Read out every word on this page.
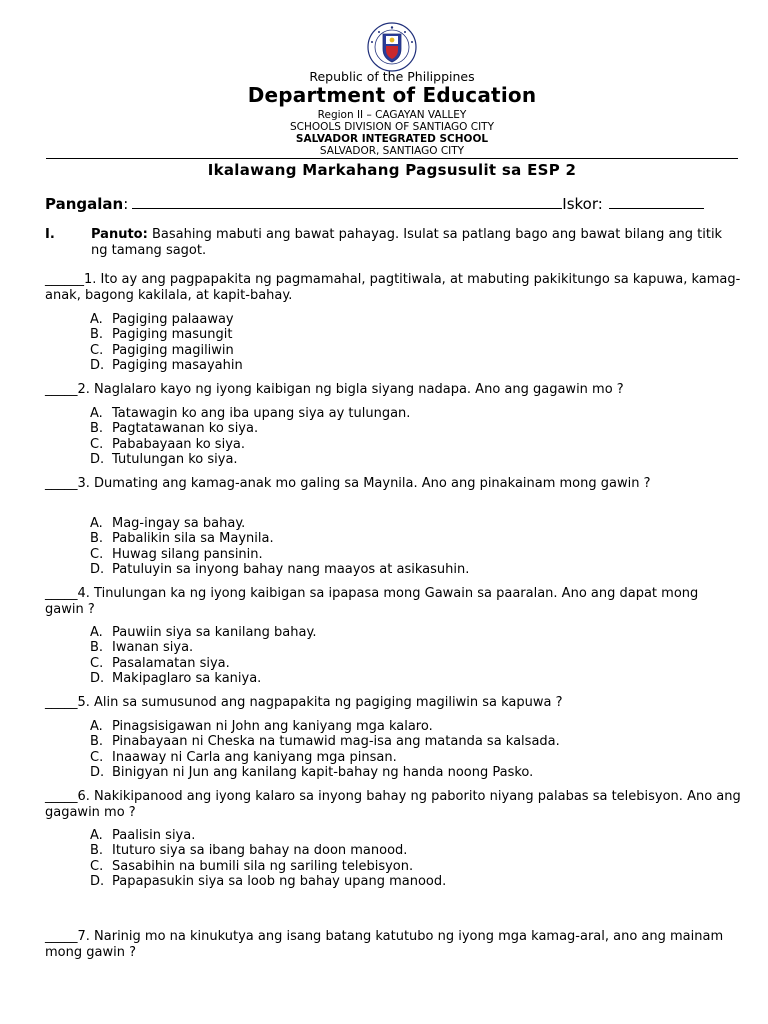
Republic of the Philippines
Department of Education
Region II – CAGAYAN VALLEY
SCHOOLS DIVISION OF SANTIAGO CITY
SALVADOR INTEGRATED SCHOOL
SALVADOR, SANTIAGO CITY
Ikalawang Markahang Pagsusulit sa ESP 2
Pangalan:	Iskor:
I.	Panuto: Basahing mabuti ang bawat pahayag. Isulat sa patlang bago ang bawat bilang ang titik ng tamang sagot.
______1. Ito ay ang pagpapakita ng pagmamahal, pagtitiwala, at mabuting pakikitungo sa kapuwa, kamag-anak, bagong kakilala, at kapit-bahay.
A. Pagiging palaaway
B. Pagiging masungit
C. Pagiging magiliwin
D. Pagiging masayahin
_____2. Naglalaro kayo ng iyong kaibigan ng bigla siyang nadapa. Ano ang gagawin mo ?
A. Tatawagin ko ang iba upang siya ay tulungan.
B. Pagtatawanan ko siya.
C. Pababayaan ko siya.
D. Tutulungan ko siya.
_____3. Dumating ang kamag-anak mo galing sa Maynila. Ano ang pinakainam mong gawin ?
A. Mag-ingay sa bahay.
B. Pabalikin sila sa Maynila.
C. Huwag silang pansinin.
D. Patuluyin sa inyong bahay nang maayos at asikasuhin.
_____4. Tinulungan ka ng iyong kaibigan sa ipapasa mong Gawain sa paaralan. Ano ang dapat mong gawin ?
A. Pauwiin siya sa kanilang bahay.
B. Iwanan siya.
C. Pasalamatan siya.
D. Makipaglaro sa kaniya.
_____5. Alin sa sumusunod ang nagpapakita ng pagiging magiliwin sa kapuwa ?
A. Pinagsisigawan ni John ang kaniyang mga kalaro.
B. Pinabayaan ni Cheska na tumawid mag-isa ang matanda sa kalsada.
C. Inaaway ni Carla ang kaniyang mga pinsan.
D. Binigyan ni Jun ang kanilang kapit-bahay ng handa noong Pasko.
_____6. Nakikipanood ang iyong kalaro sa inyong bahay ng paborito niyang palabas sa telebisyon. Ano ang gagawin mo ?
A. Paalisin siya.
B. Ituturo siya sa ibang bahay na doon manood.
C. Sasabihin na bumili sila ng sariling telebisyon.
D. Papapasukin siya sa loob ng bahay upang manood.
_____7. Narinig mo na kinukutya ang isang batang katutubo ng iyong mga kamag-aral, ano ang mainam mong gawin ?
